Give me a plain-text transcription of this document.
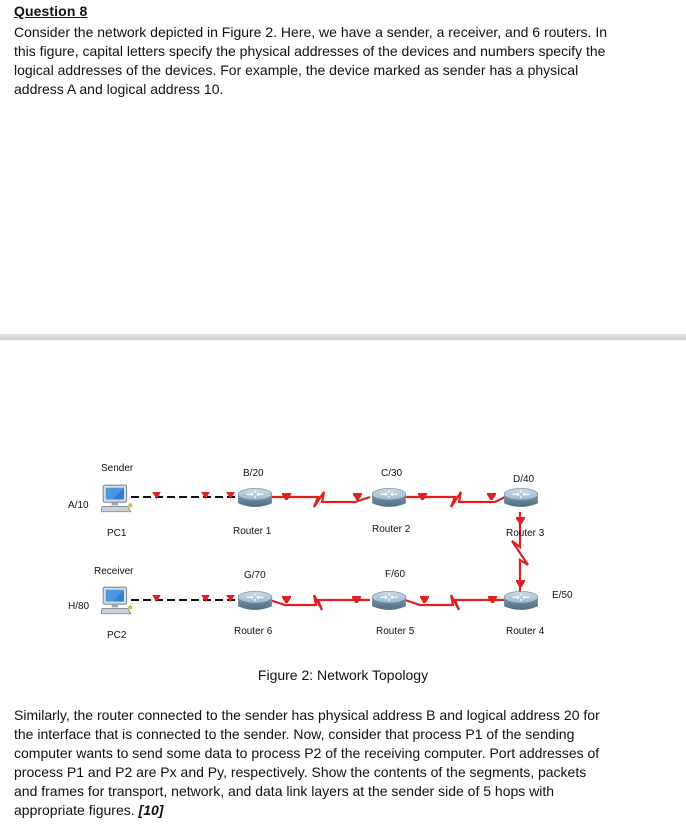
Question 8
Consider the network depicted in Figure 2. Here, we have a sender, a receiver, and 6 routers. In
this figure, capital letters specify the physical addresses of the devices and numbers specify the
logical addresses of the devices. For example, the device marked as sender has a physical
address A and logical address 10.
Sender
A/10
PC1
Receiver
H/80
PC2
B/20
Router 1
C/30
Router 2
D/40
Router 3
E/50
Router 4
F/60
Router 5
G/70
Router 6
Figure 2: Network Topology
Similarly, the router connected to the sender has physical address B and logical address 20 for
the interface that is connected to the sender. Now, consider that process P1 of the sending
computer wants to send some data to process P2 of the receiving computer. Port addresses of
process P1 and P2 are Px and Py, respectively. Show the contents of the segments, packets
and frames for transport, network, and data link layers at the sender side of 5 hops with
appropriate figures. [10]
